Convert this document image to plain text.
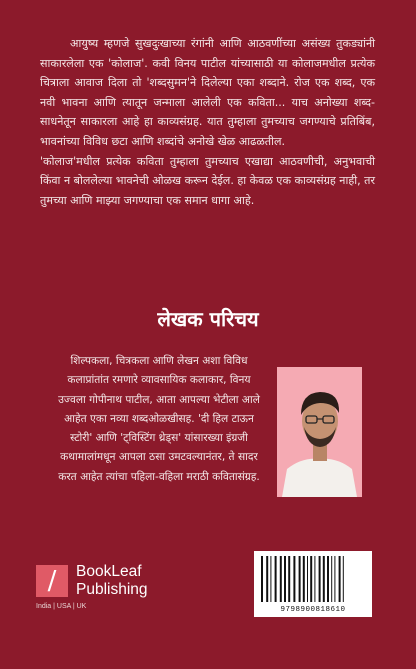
आयुष्य म्हणजे सुखदुःखाच्या रंगांनी आणि आठवणींच्या असंख्य तुकड्यांनी साकारलेला एक 'कोलाज'. कवी विनय पाटील यांच्यासाठी या कोलाजमधील प्रत्येक चित्राला आवाज दिला तो 'शब्दसुमन'ने दिलेल्या एका शब्दाने. रोज एक शब्द, एक नवी भावना आणि त्यातून जन्माला आलेली एक कविता... याच अनोख्या शब्द-साधनेतून साकारला आहे हा काव्यसंग्रह. यात तुम्हाला तुमच्याच जगण्याचे प्रतिबिंब, भावनांच्या विविध छटा आणि शब्दांचे अनोखे खेळ आढळतील.

'कोलाज'मधील प्रत्येक कविता तुम्हाला तुमच्याच एखाद्या आठवणीची, अनुभवाची किंवा न बोललेल्या भावनेची ओळख करून देईल. हा केवळ एक काव्यसंग्रह नाही, तर तुमच्या आणि माझ्या जगण्याचा एक समान धागा आहे.

लेखक परिचय
शिल्पकला, चित्रकला आणि लेखन अशा विविध कलाप्रांतांत रमणारे व्यावसायिक कलाकार, विनय उज्वला गोपीनाथ पाटील, आता आपल्या भेटीला आले आहेत एका नव्या शब्दओळखीसह. 'दी हिल टाऊन स्टोरी' आणि 'ट्विस्टिंग थ्रेड्स' यांसारख्या इंग्रजी कथामालांमधून आपला ठसा उमटवल्यानंतर, ते सादर करत आहेत त्यांचा पहिला-वहिला मराठी कवितासंग्रह.
/	BookLeaf
Publishing
India | USA | UK	9798900818610
